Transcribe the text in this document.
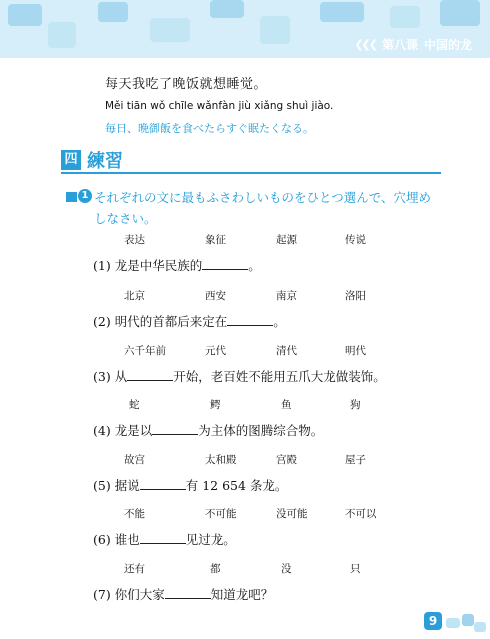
❮❮❮ 第八课 中国的龙
每天我吃了晚饭就想睡觉。
Měi tiān wǒ chīle wǎnfàn jiù xiǎng shuì jiào.
毎日、晩御飯を食べたらすぐ眠たくなる。
四 練習
1 それぞれの文に最もふさわしいものをひとつ選んで、穴埋めしなさい。
表达	象征	起源	传说
(1) 龙是中华民族的	。
北京	西安	南京	洛阳
(2) 明代的首都后来定在	。
六千年前	元代	清代	明代
(3) 从	开始，老百姓不能用五爪大龙做装饰。
蛇	鳄	鱼	狗
(4) 龙是以	为主体的图腾综合物。
故宫	太和殿	宫殿	屋子
(5) 据说	有 12 654 条龙。
不能	不可能	没可能	不可以
(6) 谁也	见过龙。
还有	都	没	只
(7) 你们大家	知道龙吧？
9
